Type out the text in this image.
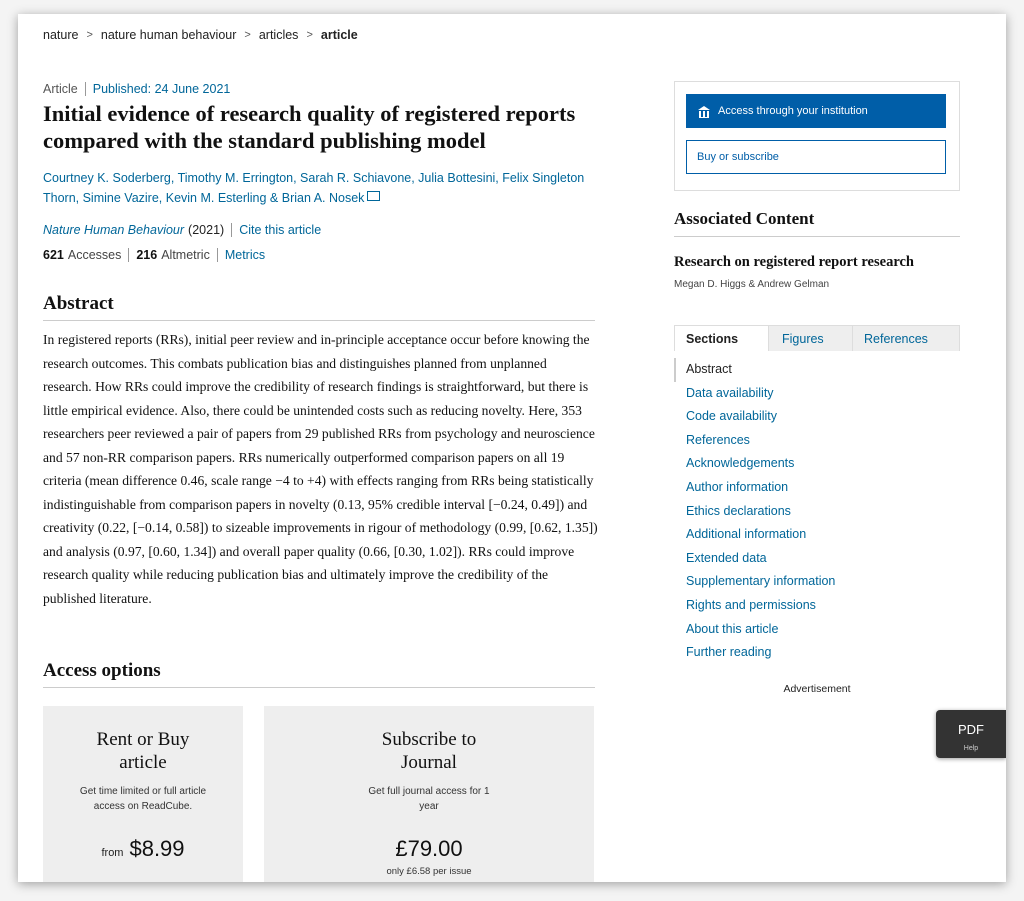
nature > nature human behaviour > articles > article
Article Published: 24 June 2021
Initial evidence of research quality of registered reports compared with the standard publishing model
Courtney K. Soderberg, Timothy M. Errington, Sarah R. Schiavone, Julia Bottesini, Felix Singleton
Thorn, Simine Vazire, Kevin M. Esterling & Brian A. Nosek
Nature Human Behaviour (2021) Cite this article
621 Accesses 216 Altmetric Metrics
Abstract
In registered reports (RRs), initial peer review and in-principle acceptance occur before knowing the research outcomes. This combats publication bias and distinguishes planned from unplanned research. How RRs could improve the credibility of research findings is straightforward, but there is little empirical evidence. Also, there could be unintended costs such as reducing novelty. Here, 353 researchers peer reviewed a pair of papers from 29 published RRs from psychology and neuroscience and 57 non-RR comparison papers. RRs numerically outperformed comparison papers on all 19 criteria (mean difference 0.46, scale range −4 to +4) with effects ranging from RRs being statistically indistinguishable from comparison papers in novelty (0.13, 95% credible interval [−0.24, 0.49]) and creativity (0.22, [−0.14, 0.58]) to sizeable improvements in rigour of methodology (0.99, [0.62, 1.35]) and analysis (0.97, [0.60, 1.34]) and overall paper quality (0.66, [0.30, 1.02]). RRs could improve research quality while reducing publication bias and ultimately improve the credibility of the published literature.
Access options
Rent or Buy
article
Get time limited or full article access on ReadCube.
from $8.99
Subscribe to
Journal
Get full journal access for 1 year
£79.00
only £6.58 per issue
Access through your institution
Buy or subscribe
Associated Content
Research on registered report research
Megan D. Higgs & Andrew Gelman
Sections	Figures	References
Abstract
Data availability
Code availability
References
Acknowledgements
Author information
Ethics declarations
Additional information
Extended data
Supplementary information
Rights and permissions
About this article
Further reading
Advertisement
PDF
Help
